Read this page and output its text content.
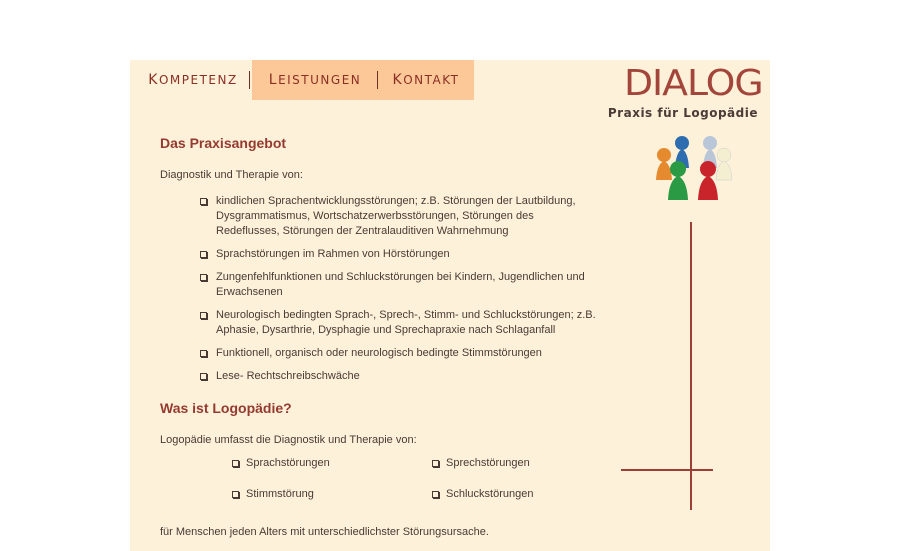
KOMPETENZ	LEISTUNGEN	KONTAKT	DIALOG
Praxis für Logopädie
Das Praxisangebot

Diagnostik und Therapie von:

kindlichen Sprachentwicklungsstörungen; z.B. Störungen der Lautbildung, Dysgrammatismus, Wortschatzerwerbsstörungen, Störungen des Redeflusses, Störungen der Zentralauditiven Wahrnehmung
Sprachstörungen im Rahmen von Hörstörungen
Zungenfehlfunktionen und Schluckstörungen bei Kindern, Jugendlichen und Erwachsenen
Neurologisch bedingten Sprach-, Sprech-, Stimm- und Schluckstörungen; z.B. Aphasie, Dysarthrie, Dysphagie und Sprechapraxie nach Schlaganfall
Funktionell, organisch oder neurologisch bedingte Stimmstörungen
Lese- Rechtschreibschwäche
Was ist Logopädie?

Logopädie umfasst die Diagnostik und Therapie von:

Sprachstörungen	Sprechstörungen
Stimmstörung	Schluckstörungen

für Menschen jeden Alters mit unterschiedlichster Störungsursache.
